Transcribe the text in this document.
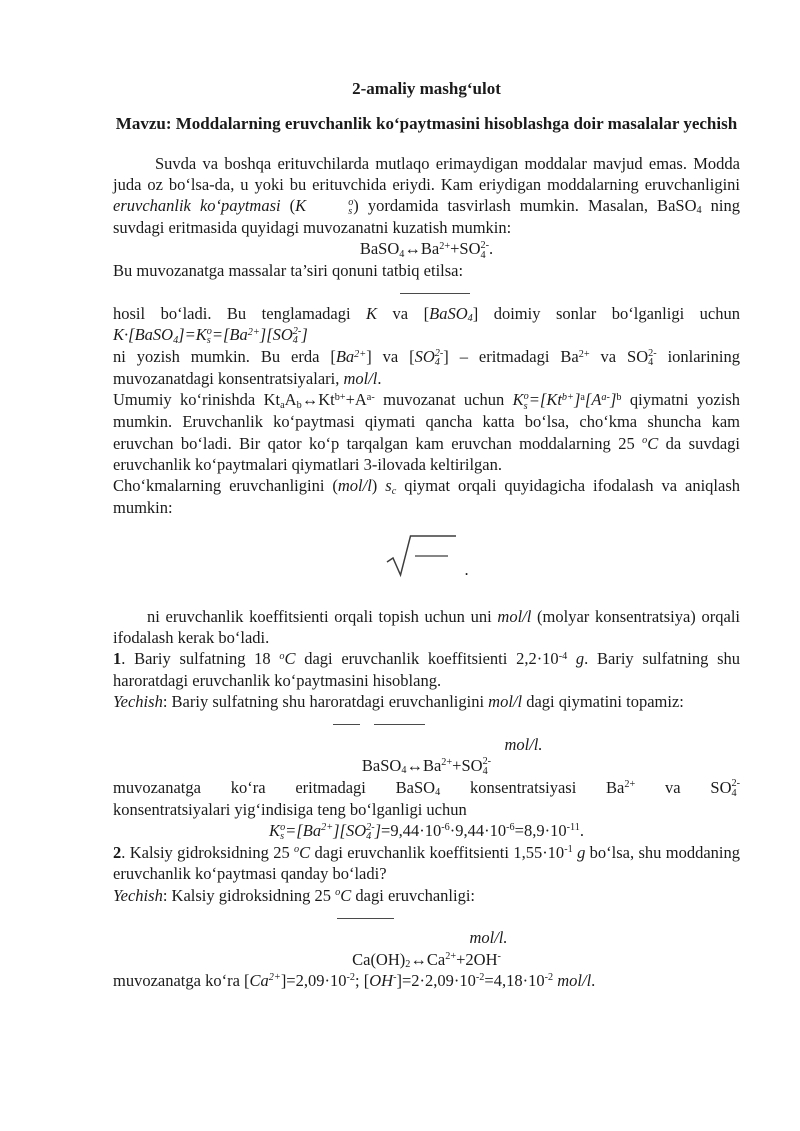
2-amaliy mashg‘ulot
Mavzu: Moddalarning eruvchanlik ko‘paytmasini hisoblashga doir masalalar yechish

Suvda va boshqa erituvchilarda mutlaqo erimaydigan moddalar mavjud emas. Modda juda oz bo‘lsa-da, u yoki bu erituvchida eriydi. Kam eriydigan moddalarning eruvchanligini eruvchanlik ko‘paytmasi (K	o
s ) yordamida tasvirlash mumkin. Masalan, BaSO$_4$ ning suvdagi eritmasida quyidagi muvozanatni kuzatish mumkin:

$BaSO_4\leftrightarrow Ba^{2+}+SO$ 2-
4 .
Bu muvozanatga massalar ta’siri qonuni tatbiq etilsa:
hosil bo‘ladi. Bu tenglamadagi K va [BaSO$_4$] doimiy sonlar bo‘lganligi uchun
K·[BaSO$_4$]=K o
$s =[Ba^{2+}][SO$ 2-
4 ]

ni yozish mumkin. Bu erda $[Ba^{2+}]$ va [SO 2-
4 ] – eritmadagi $Ba^{2+}$ va SO 2-
4 ionlarining muvozanatdagi konsentratsiyalari, mol/l.

Umumiy ko‘rinishda $Kt_aA_b\leftrightarrow Kt^{b+}+A^{a-}$ muvozanat uchun K o
$s =[Kt^{b+}]^a[A^{a-}]^b$ qiymatni yozish mumkin. Eruvchanlik ko‘paytmasi qiymati qancha katta bo‘lsa, cho‘kma shuncha kam eruvchan bo‘ladi. Bir qator ko‘p tarqalgan kam eruvchan moddalarning 25 $^o$C da suvdagi eruvchanlik ko‘paytmalari qiymatlari 3-ilovada keltirilgan.

Cho‘kmalarning eruvchanligini (mol/l) $s_c$ qiymat orqali quyidagicha ifodalash va aniqlash mumkin:

.

ni eruvchanlik koeffitsienti orqali topish uchun uni mol/l (molyar konsentratsiya) orqali ifodalash kerak bo‘ladi.

1. Bariy sulfatning 18 $^o$C dagi eruvchanlik koeffitsienti $2,2\cdot 10^{-4}$ g. Bariy sulfatning shu haroratdagi eruvchanlik ko‘paytmasini hisoblang.

Yechish: Bariy sulfatning shu haroratdagi eruvchanligini mol/l dagi qiymatini topamiz:

mol/l.
$BaSO_4\leftrightarrow Ba^{2+}+SO$ 2-
4
muvozanatga ko‘ra eritmadagi BaSO$_4$ konsentratsiyasi $Ba^{2+}$ va SO 2-
4
konsentratsiyalari yig‘indisiga teng bo‘lganligi uchun
K o
$s =[Ba^{2+}][SO$ 2-
4 ]$=9,44\cdot 10^{-6}\cdot 9,44\cdot 10^{-6}=8,9\cdot 10^{-11}$.

2. Kalsiy gidroksidning 25 $^o$C dagi eruvchanlik koeffitsienti $1,55\cdot 10^{-1}$ g bo‘lsa, shu moddaning eruvchanlik ko‘paytmasi qanday bo‘ladi?

Yechish: Kalsiy gidroksidning 25 $^o$C dagi eruvchanligi:

mol/l.
$Ca(OH)_2\leftrightarrow Ca^{2+}+2OH^-$
muvozanatga ko‘ra $[Ca^{2+}]=2,09\cdot 10^{-2}$; $[OH^-]=2\cdot 2,09\cdot 10^{-2}=4,18\cdot 10^{-2}$ mol/l.
